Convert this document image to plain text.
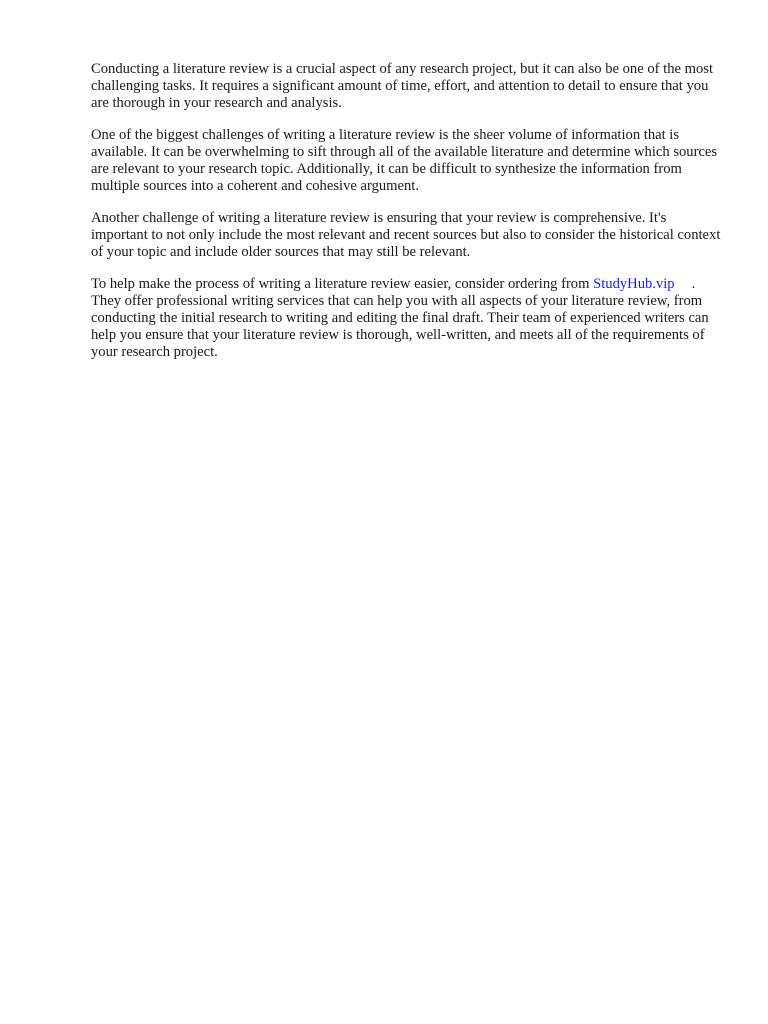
Conducting a literature review is a crucial aspect of any research project, but it can also be one of the most challenging tasks. It requires a significant amount of time, effort, and attention to detail to ensure that you are thorough in your research and analysis.

One of the biggest challenges of writing a literature review is the sheer volume of information that is available. It can be overwhelming to sift through all of the available literature and determine which sources are relevant to your research topic. Additionally, it can be difficult to synthesize the information from multiple sources into a coherent and cohesive argument.

Another challenge of writing a literature review is ensuring that your review is comprehensive. It's important to not only include the most relevant and recent sources but also to consider the historical context of your topic and include older sources that may still be relevant.

To help make the process of writing a literature review easier, consider ordering from StudyHub.vip . They offer professional writing services that can help you with all aspects of your literature review, from conducting the initial research to writing and editing the final draft. Their team of experienced writers can help you ensure that your literature review is thorough, well-written, and meets all of the requirements of your research project.
